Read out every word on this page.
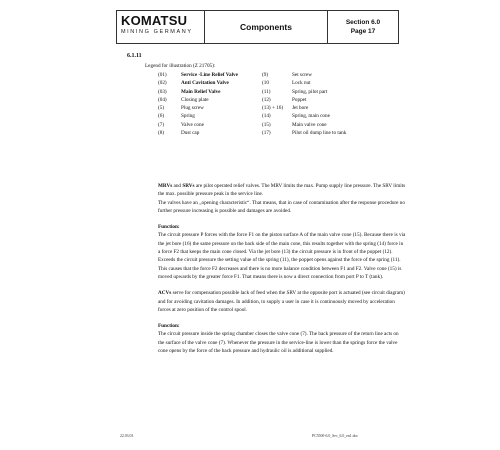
KOMATSU
MINING GERMANY	Components	Section 6.0
Page 17
6.1.11
Legend for illustration (Z 21705):
(01)	Service -Line Relief Valve	(9)	Set screw
(02)	Anti Cavitation Valve	(10	Lock nut
(03)	Main Relief Valve	(11)	Spring, pilot part
(04)	Closing plate	(12)	Poppet
(5)	Plug screw	(13) + 16) Jet bore
(6)	Spring	(14)	Spring, main cone
(7)	Valve cone	(15)	Main valve cone
(8)	Dust cap	(17)	Pilot oil dump line to tank

MRVs and SRVs are pilot operated relief valves. The MRV limits the max. Pump supply line pressure. The SRV limits the max. possible pressure peak in the service line.

The valves have an „opening characteristic“. That means, that in case of contamination after the response procedure no further pressure increasing is possible and damages are avoided.

Function:

The circuit pressure P forces with the force F1 on the piston surface A of the main valve cone (15). Because there is via the jet bore (16) the same pressure on the back side of the main cone, this results together with the spring (14) force in a force F2 that keeps the main cone closed. Via the jet bore (13) the circuit pressure is in front of the poppet (12). Exceeds the circuit pressure the setting value of the spring (11), the poppet opens against the force of the spring (11). This causes that the force F2 decreases and there is no more balance condition between F1 and F2. Valve cone (15) is moved upwards by the greater force F1. That means there is now a direct connection from port P to T (tank).

ACVs serve for compensation possible lack of feed when the SRV at the opposite port is actuated (see circuit diagram) and for avoiding cavitation damages. In addition, to supply a user in case it is continuously moved by acceleration forces at zero position of the control spool.

Function:

The circuit pressure inside the spring chamber closes the valve cone (7). The back pressure of the return line acts on the surface of the valve cone (7). Whenever the pressure in the service-line is lower than the springs force the valve cone opens by the force of the back pressure and hydraulic oil is additional supplied.

22.03.03	PC5500-6.0_Sec_6.0_en1.doc
